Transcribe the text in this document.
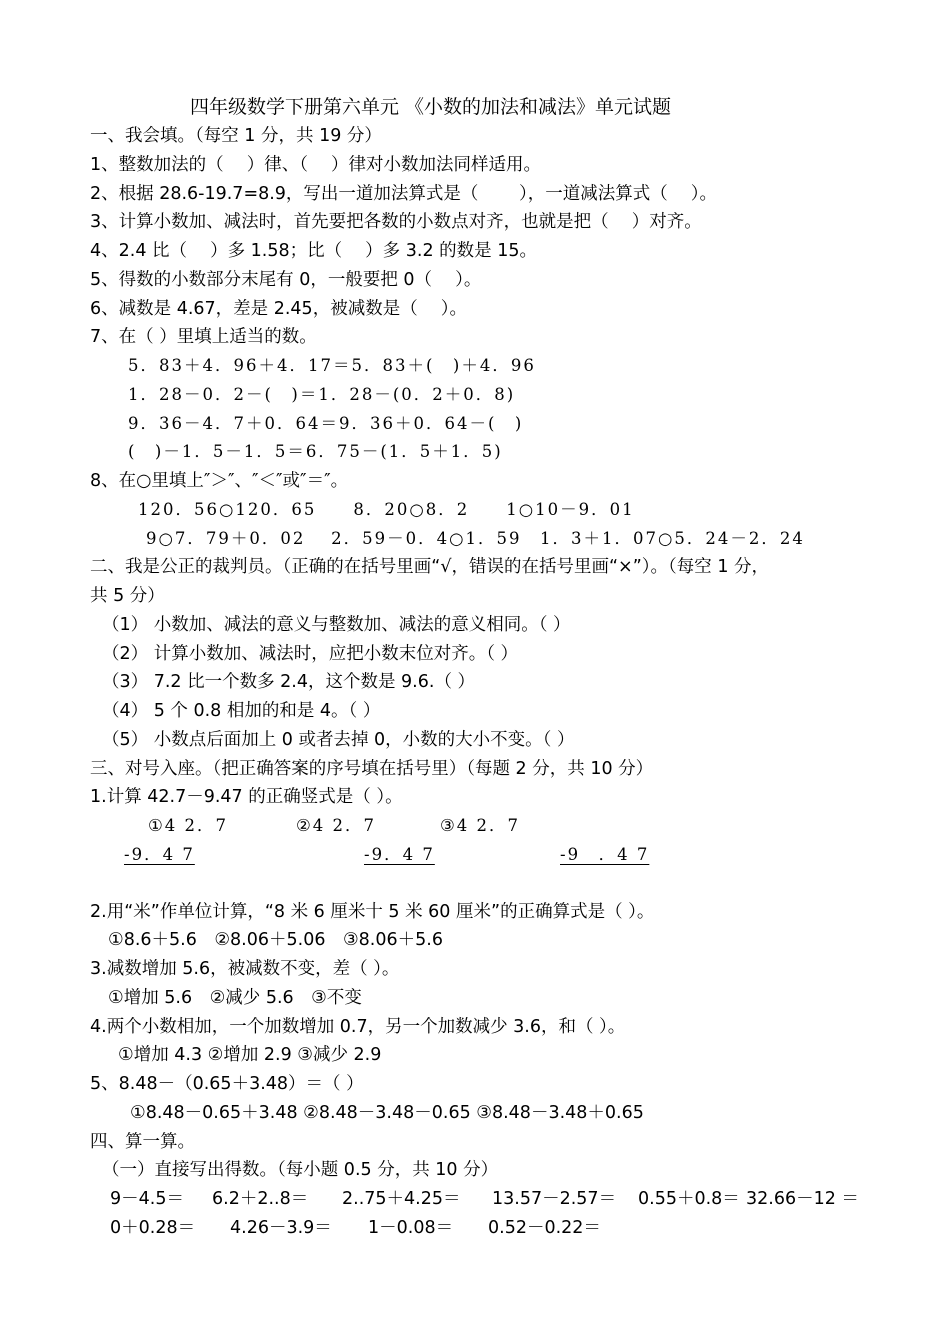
四年级数学下册第六单元 《小数的加法和减法》单元试题
一、我会填。（每空 1 分，共 19 分）
1、整数加法的（　 ）律、（　 ）律对小数加法同样适用。
2、根据 28.6-19.7=8.9，写出一道加法算式是（　　 ），一道减法算式（　 ）。
3、计算小数加、减法时，首先要把各数的小数点对齐，也就是把（　 ）对齐。
4、2.4 比（　 ）多 1.58；比（　 ）多 3.2 的数是 15。
5、得数的小数部分末尾有 0，一般要把 0（　 ）。
6、减数是 4.67，差是 2.45，被减数是（　 ）。
7、在（ ）里填上适当的数。
5．83＋4．96＋4．17＝5．83＋(　)＋4．96
1．28－0．2－(　)＝1．28－(0．2＋0．8)
9．36－4．7＋0．64＝9．36＋0．64－(　)
(　)－1．5－1．5＝6．75－(1．5＋1．5)
8、在○里填上″＞″、″＜″或″＝″。
120．56○120．65　　8．20○8．2　　1○10－9．01
9○7．79＋0．02　 2．59－0．4○1．59　1．3＋1．07○5．24－2．24
二、我是公正的裁判员。（正确的在括号里画“√，错误的在括号里画“×”）。（每空 1 分，
共 5 分）
（1） 小数加、减法的意义与整数加、减法的意义相同。（ ）
（2） 计算小数加、减法时，应把小数末位对齐。（ ）
（3） 7.2 比一个数多 2.4，这个数是 9.6.（ ）
（4） 5 个 0.8 相加的和是 4。（ ）
（5） 小数点后面加上 0 或者去掉 0，小数的大小不变。（ ）
三、对号入座。（把正确答案的序号填在括号里）（每题 2 分，共 10 分）
1.计算 42.7－9.47 的正确竖式是（ ）。
①4 2．7	②4 2．7	③4 2．7
-9．4 7	-9．4 7	-9　．4 7
2.用“米”作单位计算，“8 米 6 厘米十 5 米 60 厘米”的正确算式是（ ）。
①8.6＋5.6　②8.06＋5.06　③8.06＋5.6
3.减数增加 5.6，被减数不变，差（ ）。
①增加 5.6　②减少 5.6　③不变
4.两个小数相加，一个加数增加 0.7，另一个加数减少 3.6，和（ ）。
①增加 4.3 ②增加 2.9 ③减少 2.9
5、8.48－（0.65＋3.48）＝（ ）
①8.48－0.65＋3.48 ②8.48－3.48－0.65 ③8.48－3.48＋0.65
四、算一算。
（一）直接写出得数。（每小题 0.5 分，共 10 分）
9－4.5＝ 6.2＋2..8＝ 2..75＋4.25＝ 13.57－2.57＝ 0.55＋0.8＝ 32.66－12 ＝
0＋0.28＝ 4.26－3.9＝ 1－0.08＝ 0.52－0.22＝
